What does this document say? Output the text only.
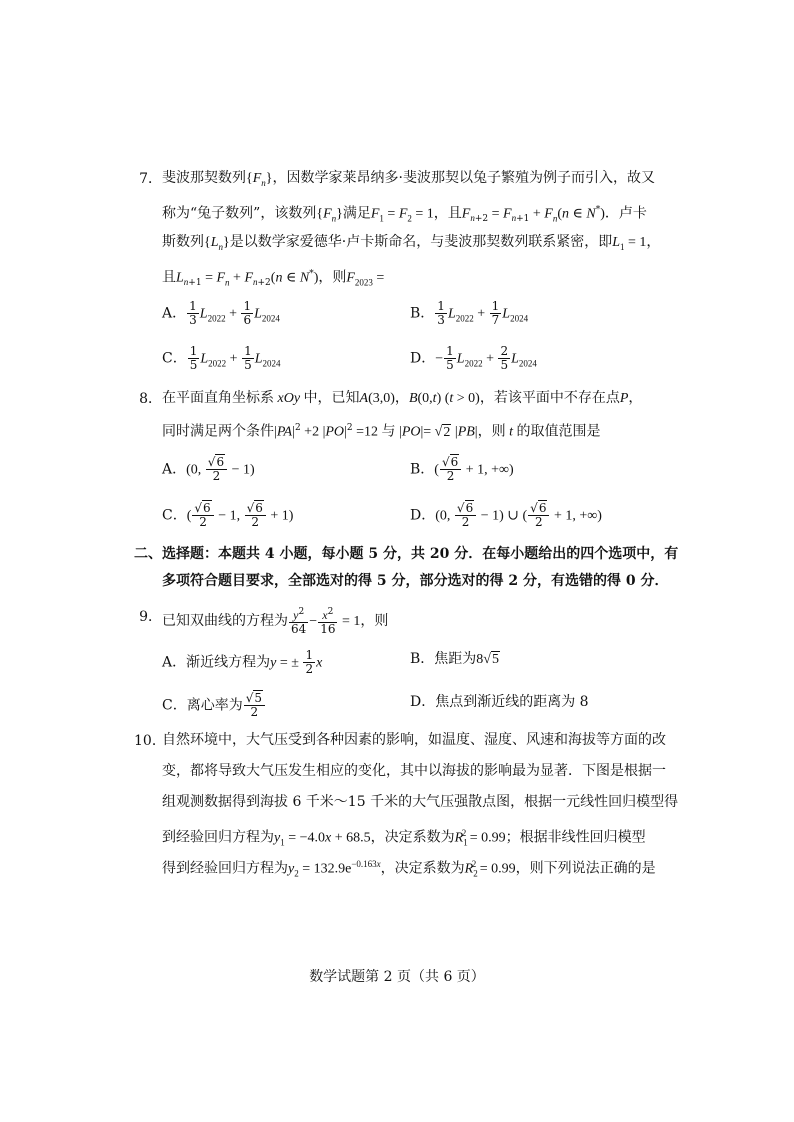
7． 斐波那契数列$\{F_n\}$，因数学家莱昂纳多·斐波那契以兔子繁殖为例子而引入，故又
称为“兔子数列”，该数列$\{F_n\}$满足$F_1 = F_2 = 1$，且$F_{n+2} = F_{n+1} + F_n(n$ ∈ N*)．卢卡
斯数列$\{L_n\}$是以数学家爱德华·卢卡斯命名，与斐波那契数列联系紧密，即$L_1 = 1$，
且$L_{n+1} = F_n + F_{n+2}(n$ ∈ N*)，则$F_{2023}$ =
A． $\frac{1}{3} L_{2022} + \frac{1}{6} L_{2024}$	B． $\frac{1}{3} L_{2022} + \frac{1}{7} L_{2024}$
C． $\frac{1}{5} L_{2022} + \frac{1}{5} L_{2024}$	D．− $\frac{1}{5} L_{2022} + \frac{2}{5} L_{2024}$
8． 在平面直角坐标系 xOy 中，已知A(3,0)，B(0,t) (t > 0)，若该平面中不存在点P，
同时满足两个条件$|PA|^2 +2$ $|PO|^2 =12$ 与 |PO|= √2 |PB|，则 t 的取值范围是
A．(0, $\frac{√6}{2} - 1$)	B．( $\frac{√6}{2} + 1$, +∞)
C．( $\frac{√6}{2} - 1$, $\frac{√6}{2} + 1$)	D．(0, $\frac{√6}{2} - 1$) ∪ ( $\frac{√6}{2} + 1$, +∞)
二、选择题：本题共 4 小题，每小题 5 分，共 20 分．在每小题给出的四个选项中，有
多项符合题目要求，全部选对的得 5 分，部分选对的得 2 分，有选错的得 0 分．
9． 已知双曲线的方程为 $\frac{y^2}{64} - \frac{x^2}{16} = 1$，则
A．渐近线方程为y = ± $\frac{1}{2}$ x	B．焦距为8√5
C．离心率为 $\frac{√5}{2}$	D．焦点到渐近线的距离为 8
10．
自然环境中，大气压受到各种因素的影响，如温度、湿度、风速和海拔等方面的改
变，都将导致大气压发生相应的变化，其中以海拔的影响最为显著．下图是根据一
组观测数据得到海拔 6 千米～15 千米的大气压强散点图，根据一元线性回归模型得
到经验回归方程为$y_1 = -4.0x + 68.5$，决定系数为$R_1^2 = 0.99$；根据非线性回归模型
得到经验回归方程为$y_2 = 132.9e^{-0.163x}$，决定系数为$R_2^2 = 0.99$，则下列说法正确的是
数学试题第 2 页（共 6 页）
